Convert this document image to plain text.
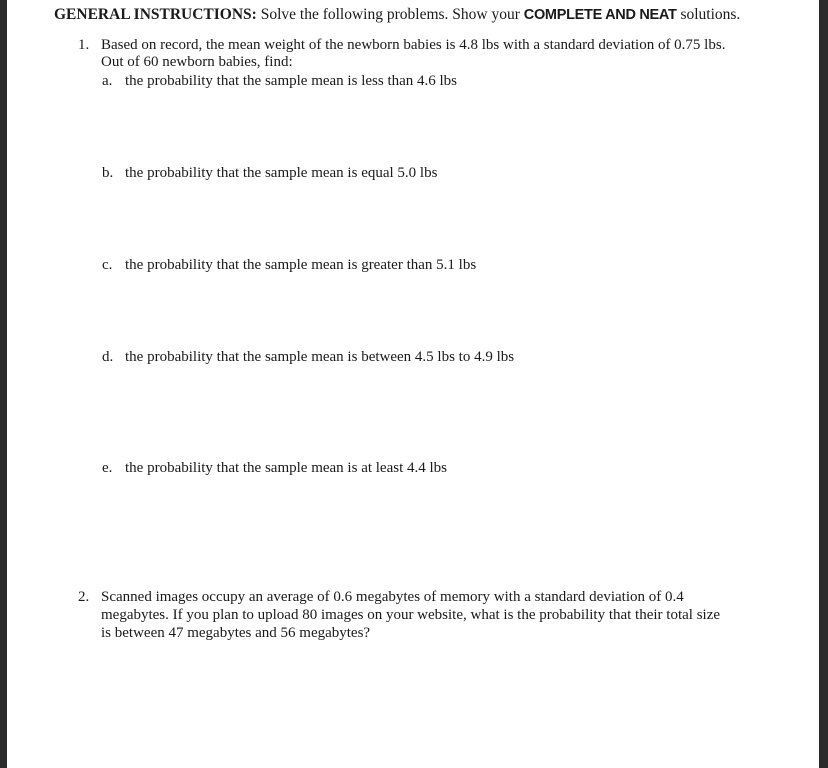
GENERAL INSTRUCTIONS: Solve the following problems. Show your COMPLETE AND NEAT solutions.
1. Based on record, the mean weight of the newborn babies is 4.8 lbs with a standard deviation of 0.75 lbs.
Out of 60 newborn babies, find:
a. the probability that the sample mean is less than 4.6 lbs
b. the probability that the sample mean is equal 5.0 lbs
c. the probability that the sample mean is greater than 5.1 lbs
d. the probability that the sample mean is between 4.5 lbs to 4.9 lbs
e. the probability that the sample mean is at least 4.4 lbs
2. Scanned images occupy an average of 0.6 megabytes of memory with a standard deviation of 0.4
megabytes. If you plan to upload 80 images on your website, what is the probability that their total size
is between 47 megabytes and 56 megabytes?
